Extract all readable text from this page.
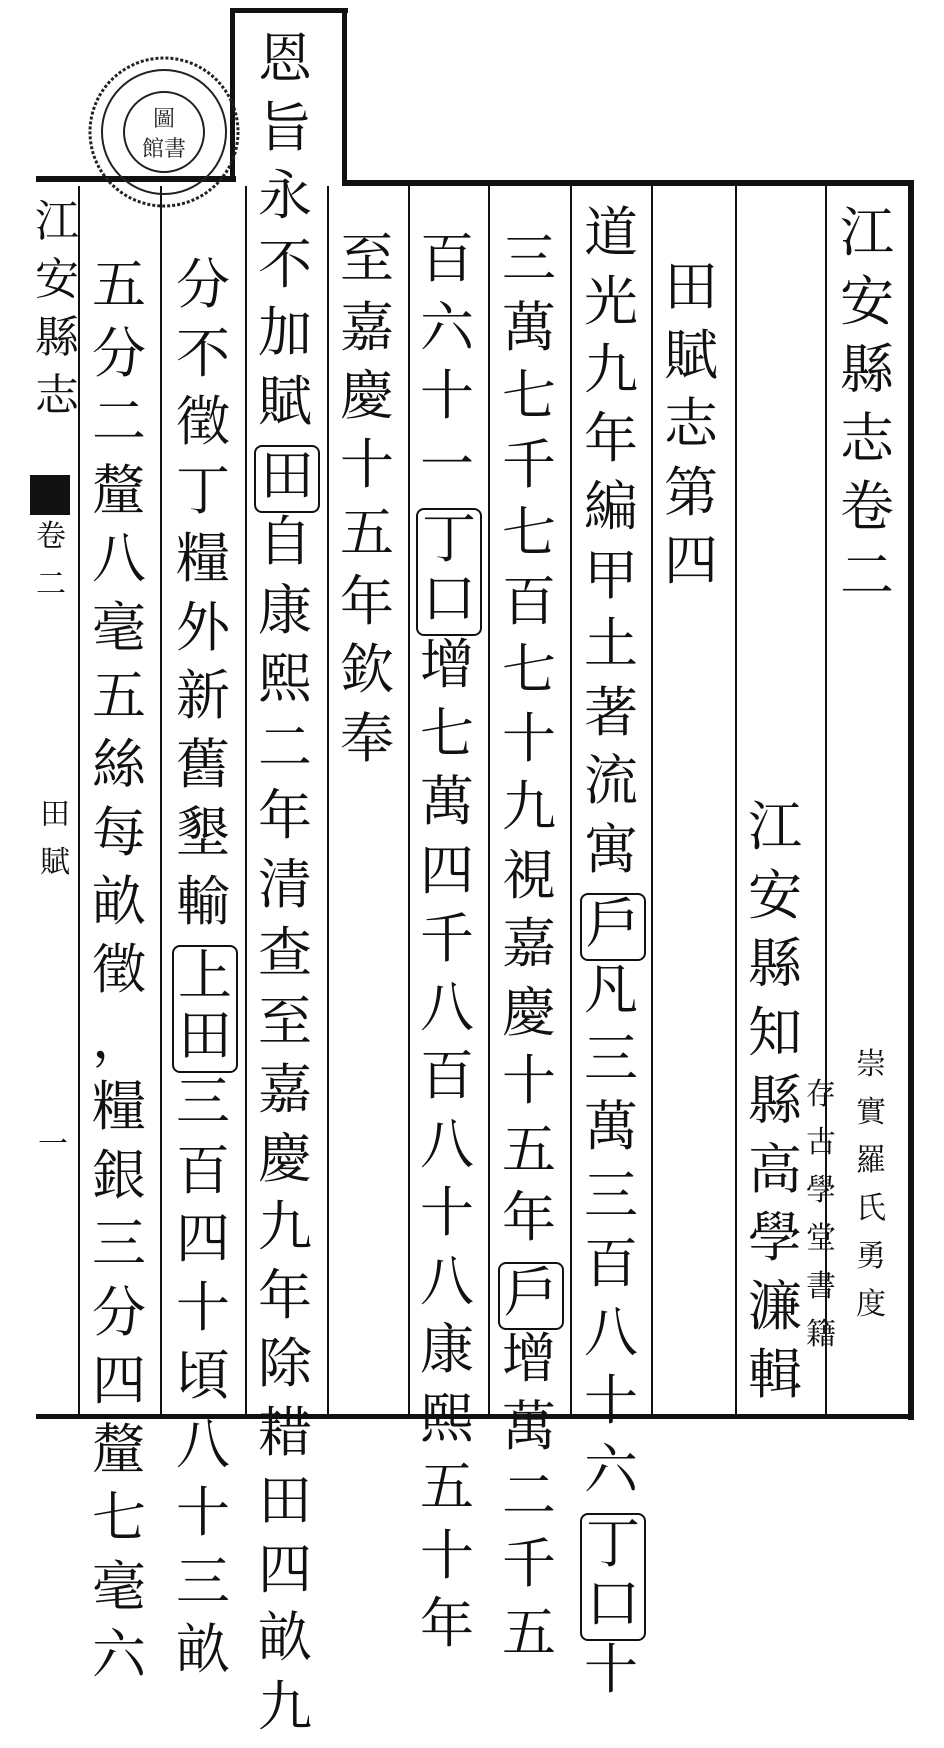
圖
館書
江
安
縣
志
卷
二
江
安
縣
知
縣
高
學
濂
輯
崇
實
羅
氏
勇
度
存
古
學
堂
書
籍
田
賦
志
第
四
道
光
九
年
編
甲
土
著
流
寓
戶
凡
三
萬
三
百
八
十
六
丁
口
十
三
萬
七
千
七
百
七
十
九
視
嘉
慶
十
五
年
戶
增
萬
二
千
五
百
六
十
一
丁
口
增
七
萬
四
千
八
百
八
十
八
康
熙
五
十
年
至
嘉
慶
十
五
年
欽
奉
恩
旨
永
不
加
賦
田
自
康
熙
二
年
清
查
至
嘉
慶
九
年
除
耤
田
四
畝
九
分
不
徵
丁
糧
外
新
舊
墾
輸
上
田
三
百
四
十
頃
八
十
三
畝
五
分
二
釐
八
毫
五
絲
每
畝
徵
，
糧
銀
三
分
四
釐
七
毫
六
江
安
縣
志
卷
二
田
賦
一
